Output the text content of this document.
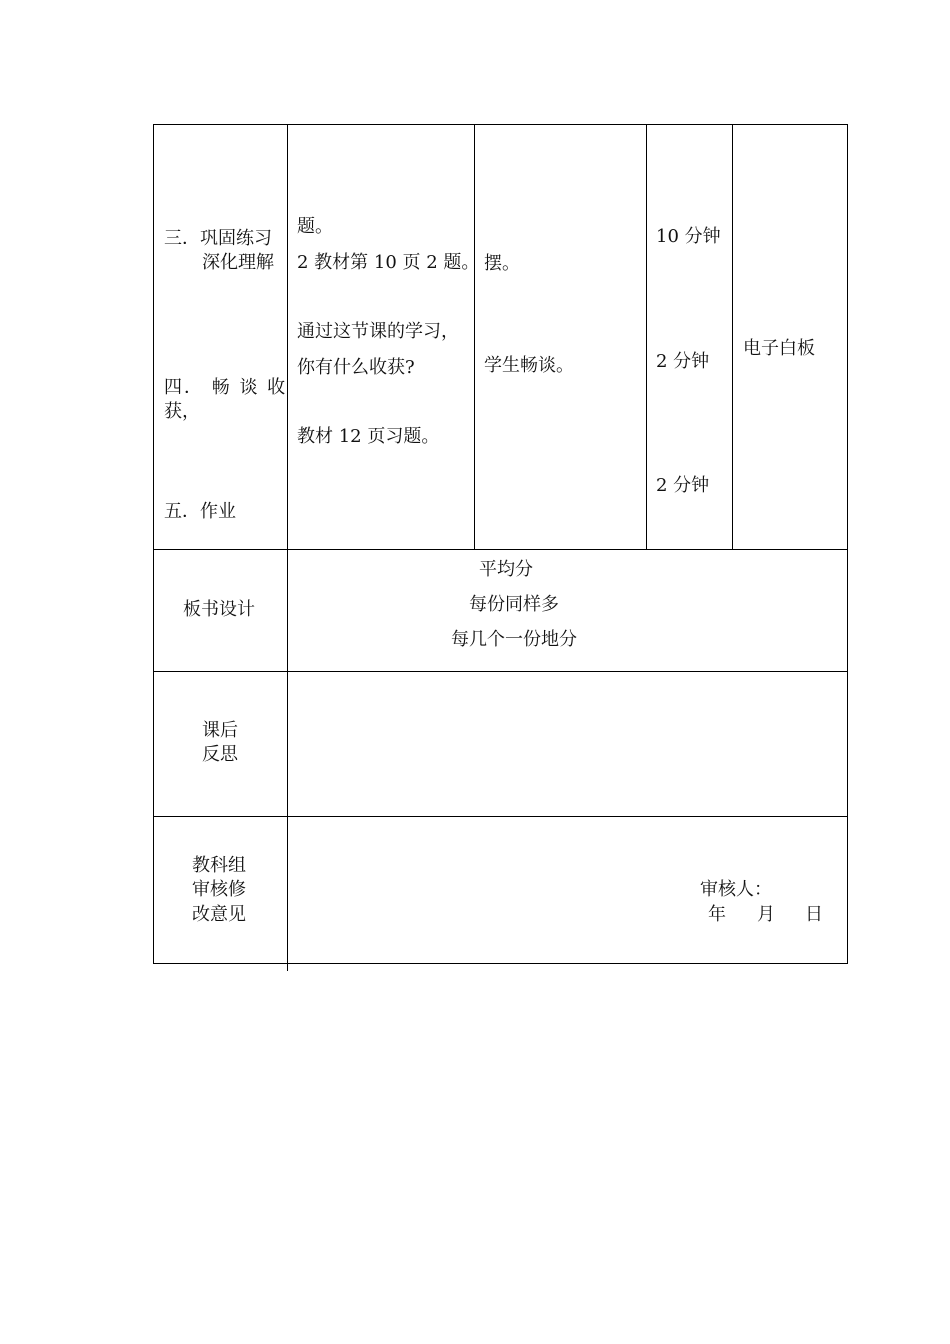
三．巩固练习
深化理解
四． 畅 谈 收
获，
五．作业
题。
2 教材第 10 页 2 题。
通过这节课的学习，
你有什么收获?
教材 12 页习题。
摆。
学生畅谈。
10 分钟
2 分钟
2 分钟
电子白板
板书设计
平均分
每份同样多
每几个一份地分
课后
反思
教科组
审核修
改意见
审核人：
年 月 日
